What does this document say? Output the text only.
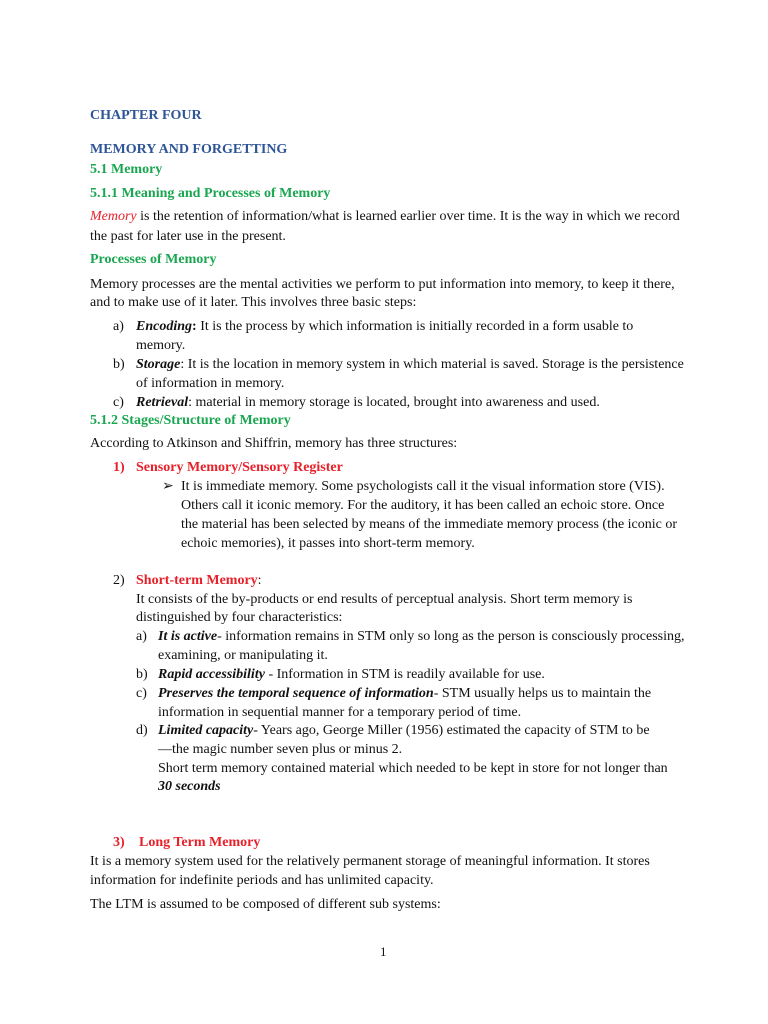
CHAPTER FOUR

MEMORY AND FORGETTING

5.1 Memory

5.1.1 Meaning and Processes of Memory

Memory is the retention of information/what is learned earlier over time. It is the way in which we record

the past for later use in the present.

Processes of Memory

Memory processes are the mental activities we perform to put information into memory, to keep it there,

and to make use of it later. This involves three basic steps:

a) Encoding: It is the process by which information is initially recorded in a form usable to

memory.

b) Storage: It is the location in memory system in which material is saved. Storage is the persistence

of information in memory.

c) Retrieval: material in memory storage is located, brought into awareness and used.

5.1.2 Stages/Structure of Memory

According to Atkinson and Shiffrin, memory has three structures:

1) Sensory Memory/Sensory Register

➢ It is immediate memory. Some psychologists call it the visual information store (VIS).

Others call it iconic memory. For the auditory, it has been called an echoic store. Once

the material has been selected by means of the immediate memory process (the iconic or

echoic memories), it passes into short-term memory.

2) Short-term Memory:

It consists of the by-products or end results of perceptual analysis. Short term memory is

distinguished by four characteristics:

a) It is active- information remains in STM only so long as the person is consciously processing,

examining, or manipulating it.

b) Rapid accessibility - Information in STM is readily available for use.

c) Preserves the temporal sequence of information- STM usually helps us to maintain the

information in sequential manner for a temporary period of time.

d) Limited capacity- Years ago, George Miller (1956) estimated the capacity of STM to be

—the magic number seven plus or minus 2.

Short term memory contained material which needed to be kept in store for not longer than

30 seconds

3) Long Term Memory

It is a memory system used for the relatively permanent storage of meaningful information. It stores

information for indefinite periods and has unlimited capacity.

The LTM is assumed to be composed of different sub systems:

1
